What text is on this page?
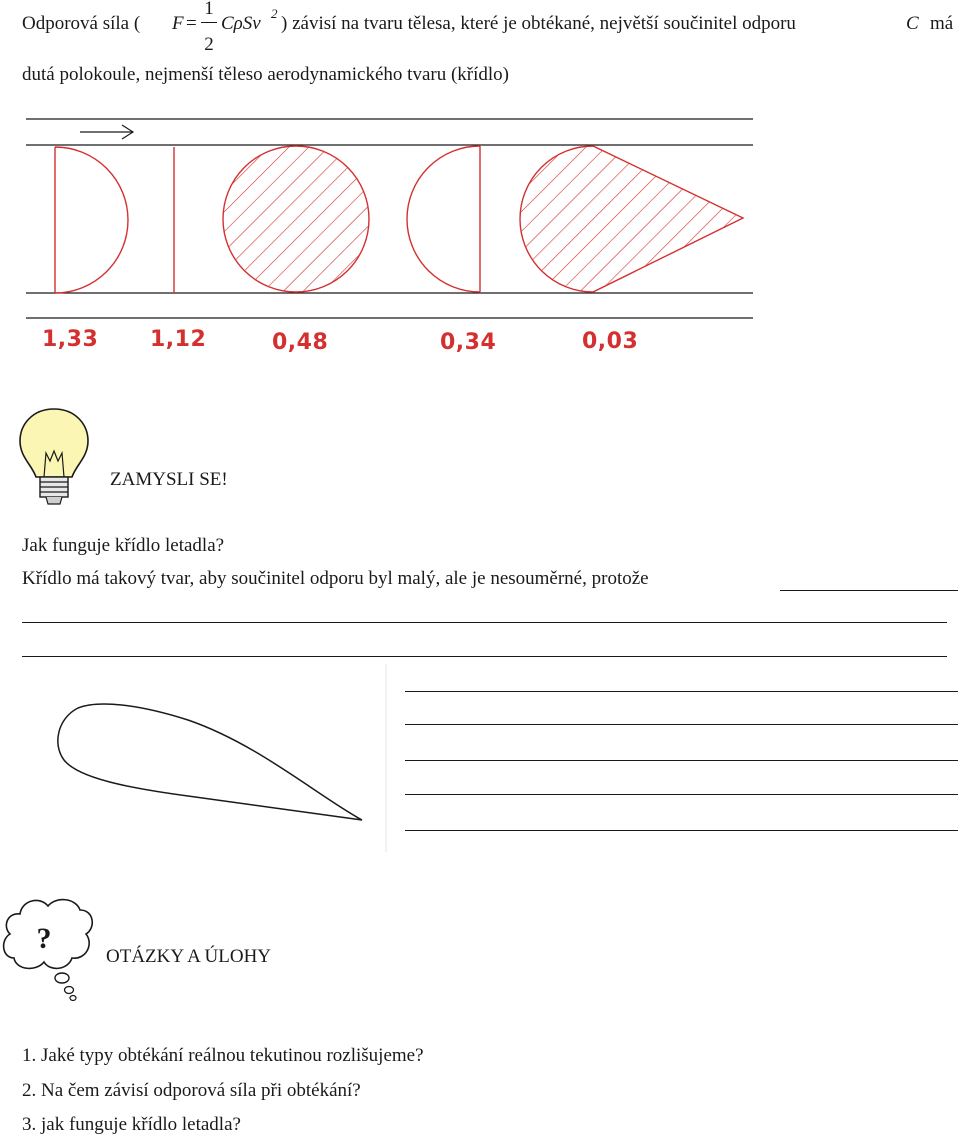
Odporová síla ( F =
1
2
CρSv 2 ) závisí na tvaru tělesa, které je obtékané, největší součinitel odporu	C má
dutá polokoule, nejmenší těleso aerodynamického tvaru (křídlo)
1,33 1,12	0,48	0,34	0,03
ZAMYSLI SE!
Jak funguje křídlo letadla?
Křídlo má takový tvar, aby součinitel odporu byl malý, ale je nesouměrné, protože
?
OTÁZKY A ÚLOHY
1. Jaké typy obtékání reálnou tekutinou rozlišujeme?
2. Na čem závisí odporová síla při obtékání?
3. jak funguje křídlo letadla?
